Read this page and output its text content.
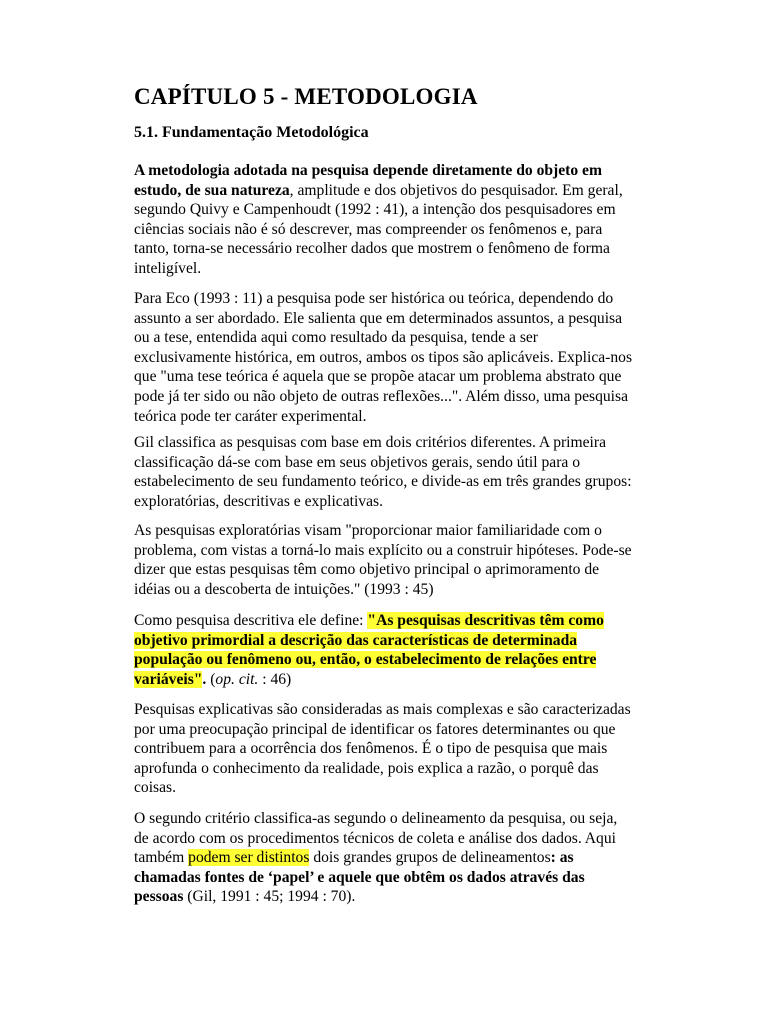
CAPÍTULO 5 - METODOLOGIA
5.1. Fundamentação Metodológica

A metodologia adotada na pesquisa depende diretamente do objeto em estudo, de sua natureza, amplitude e dos objetivos do pesquisador. Em geral, segundo Quivy e Campenhoudt (1992 : 41), a intenção dos pesquisadores em ciências sociais não é só descrever, mas compreender os fenômenos e, para tanto, torna-se necessário recolher dados que mostrem o fenômeno de forma inteligível.

Para Eco (1993 : 11) a pesquisa pode ser histórica ou teórica, dependendo do assunto a ser abordado. Ele salienta que em determinados assuntos, a pesquisa ou a tese, entendida aqui como resultado da pesquisa, tende a ser exclusivamente histórica, em outros, ambos os tipos são aplicáveis. Explica-nos que "uma tese teórica é aquela que se propõe atacar um problema abstrato que pode já ter sido ou não objeto de outras reflexões...". Além disso, uma pesquisa teórica pode ter caráter experimental.

Gil classifica as pesquisas com base em dois critérios diferentes. A primeira classificação dá-se com base em seus objetivos gerais, sendo útil para o estabelecimento de seu fundamento teórico, e divide-as em três grandes grupos: exploratórias, descritivas e explicativas.

As pesquisas exploratórias visam "proporcionar maior familiaridade com o problema, com vistas a torná-lo mais explícito ou a construir hipóteses. Pode-se dizer que estas pesquisas têm como objetivo principal o aprimoramento de idéias ou a descoberta de intuições." (1993 : 45)

Como pesquisa descritiva ele define: "As pesquisas descritivas têm como objetivo primordial a descrição das características de determinada população ou fenômeno ou, então, o estabelecimento de relações entre variáveis". (op. cit. : 46)

Pesquisas explicativas são consideradas as mais complexas e são caracterizadas por uma preocupação principal de identificar os fatores determinantes ou que contribuem para a ocorrência dos fenômenos. É o tipo de pesquisa que mais aprofunda o conhecimento da realidade, pois explica a razão, o porquê das coisas.

O segundo critério classifica-as segundo o delineamento da pesquisa, ou seja, de acordo com os procedimentos técnicos de coleta e análise dos dados. Aqui também podem ser distintos dois grandes grupos de delineamentos: as chamadas fontes de ‘papel’ e aquele que obtêm os dados através das pessoas (Gil, 1991 : 45; 1994 : 70).
